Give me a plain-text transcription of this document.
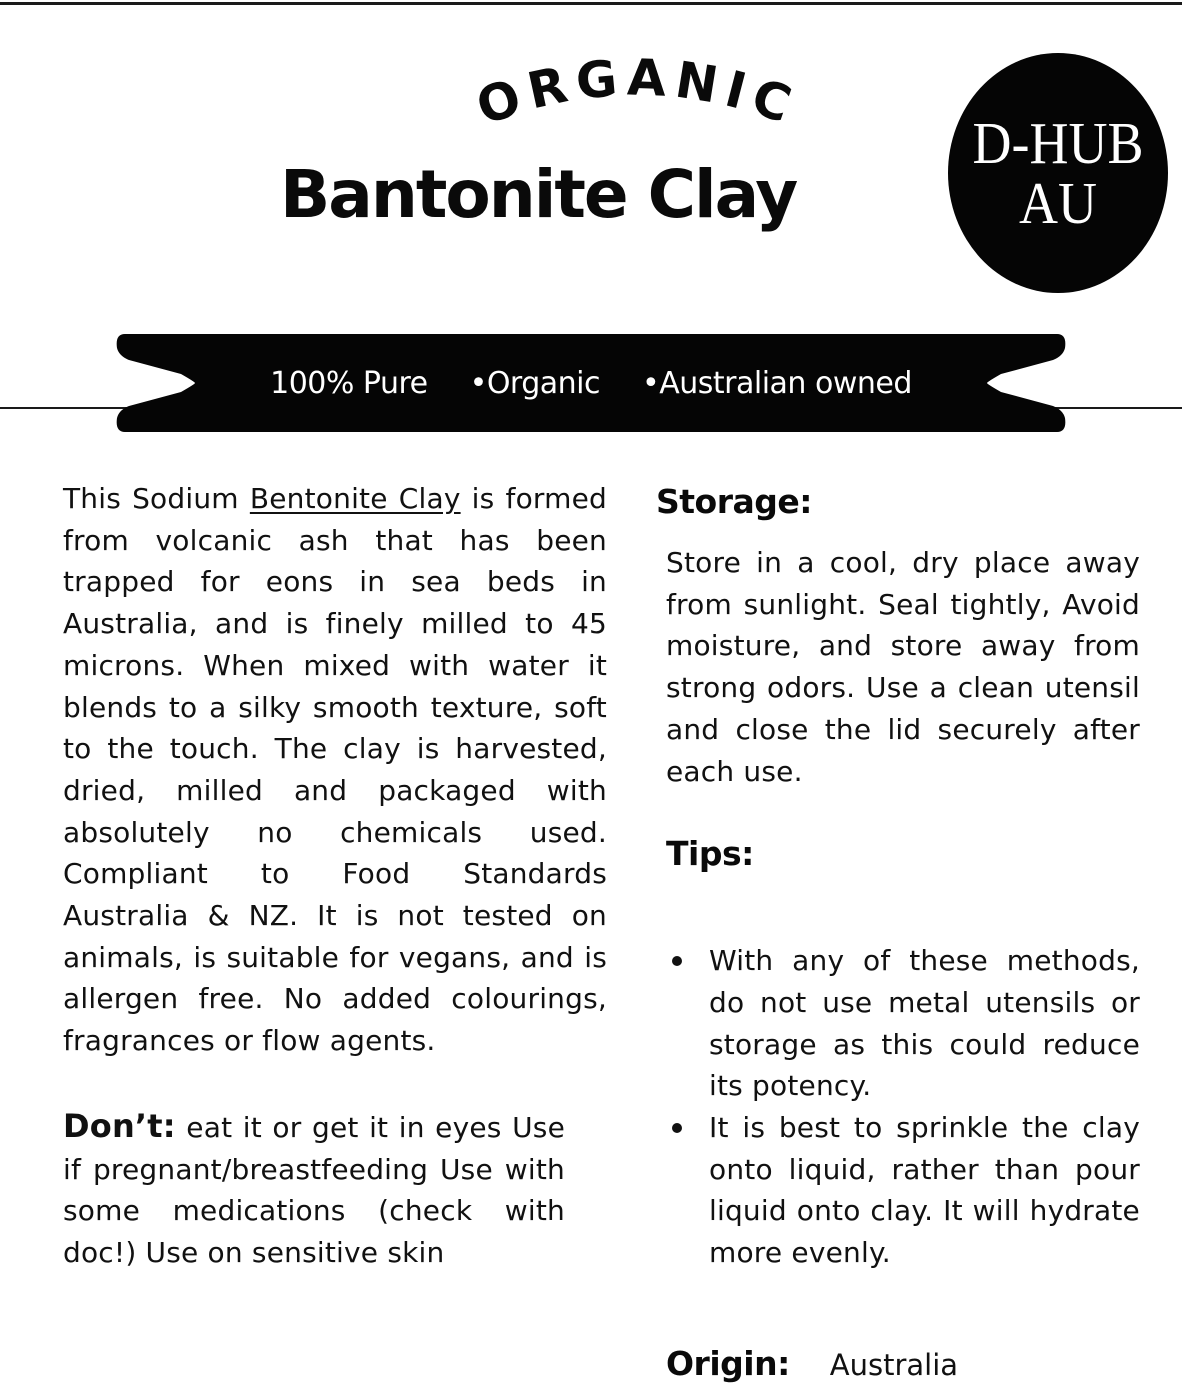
ORGANIC
Bantonite Clay
D-HUB
AU
100% Pure •Organic •Australian owned

This Sodium Bentonite Clay is formed from volcanic ash that has been trapped for eons in sea beds in Australia, and is finely milled to 45 microns. When mixed with water it blends to a silky smooth texture, soft to the touch. The clay is harvested, dried, milled and packaged with absolutely no chemicals used. Compliant to Food Standards Australia & NZ. It is not tested on animals, is suitable for vegans, and is allergen free. No added colourings, fragrances or flow agents.

Don’t: eat it or get it in eyes Use if pregnant/breastfeeding Use with some medications (check with doc!) Use on sensitive skin

Storage:

Store in a cool, dry place away from sunlight. Seal tightly, Avoid moisture, and store away from strong odors. Use a clean utensil and close the lid securely after each use.

Tips:
With any of these methods, do not use metal utensils or storage as this could reduce its potency.
It is best to sprinkle the clay onto liquid, rather than pour liquid onto clay. It will hydrate more evenly.
Origin: Australia
